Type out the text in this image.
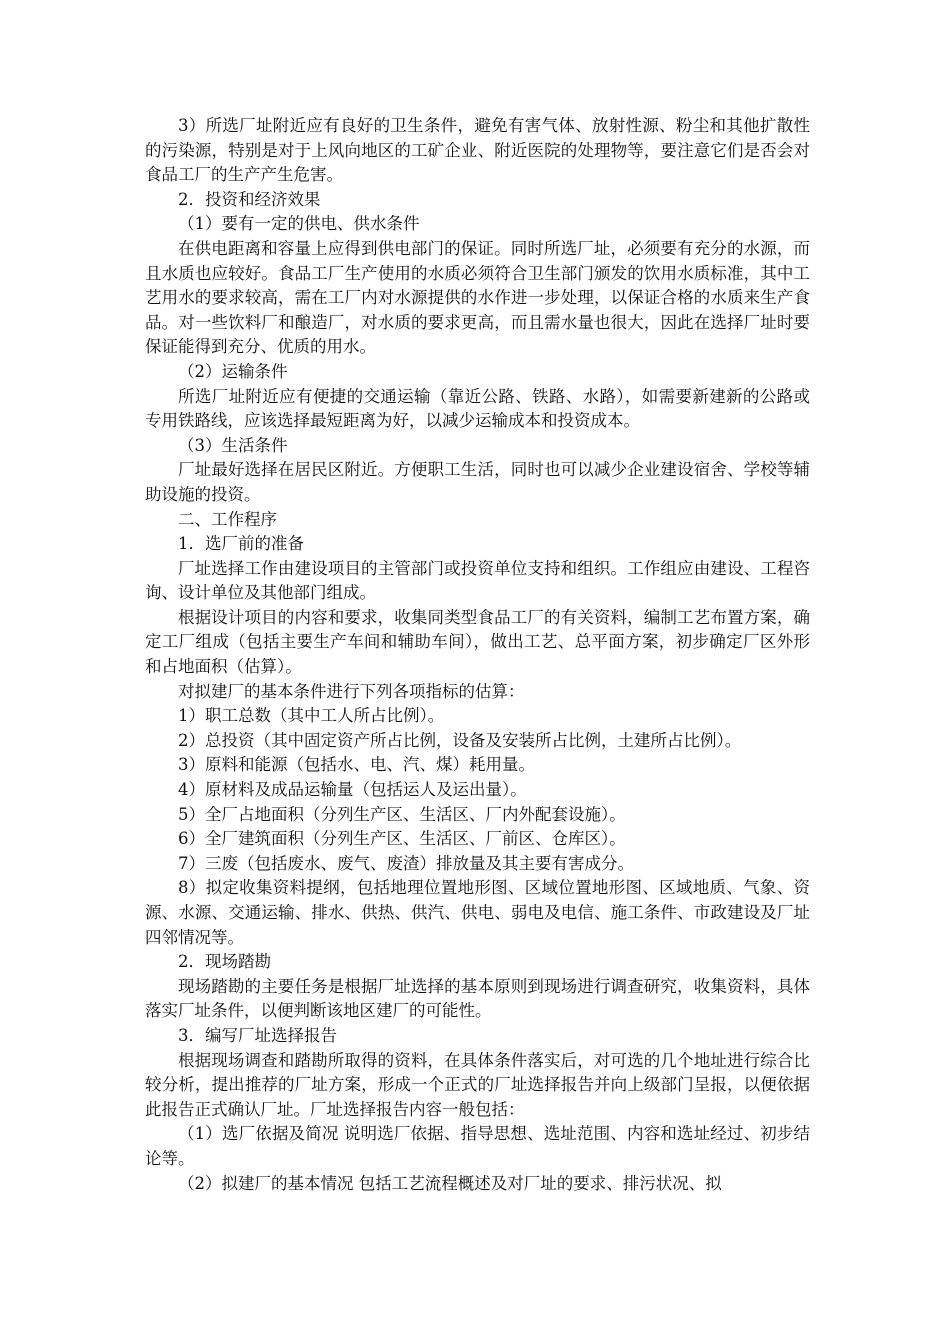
3）所选厂址附近应有良好的卫生条件，避免有害气体、放射性源、粉尘和其他扩散性的污染源，特别是对于上风向地区的工矿企业、附近医院的处理物等，要注意它们是否会对食品工厂的生产产生危害。

2．投资和经济效果

（1）要有一定的供电、供水条件

在供电距离和容量上应得到供电部门的保证。同时所选厂址，必须要有充分的水源，而且水质也应较好。食品工厂生产使用的水质必须符合卫生部门颁发的饮用水质标准，其中工艺用水的要求较高，需在工厂内对水源提供的水作进一步处理，以保证合格的水质来生产食品。对一些饮料厂和酿造厂，对水质的要求更高，而且需水量也很大，因此在选择厂址时要保证能得到充分、优质的用水。

（2）运输条件

所选厂址附近应有便捷的交通运输（靠近公路、铁路、水路），如需要新建新的公路或专用铁路线，应该选择最短距离为好，以减少运输成本和投资成本。

（3）生活条件

厂址最好选择在居民区附近。方便职工生活，同时也可以减少企业建设宿舍、学校等辅助设施的投资。

二、工作程序

1．选厂前的准备

厂址选择工作由建设项目的主管部门或投资单位支持和组织。工作组应由建设、工程咨询、设计单位及其他部门组成。

根据设计项目的内容和要求，收集同类型食品工厂的有关资料，编制工艺布置方案，确定工厂组成（包括主要生产车间和辅助车间），做出工艺、总平面方案，初步确定厂区外形和占地面积（估算）。

对拟建厂的基本条件进行下列各项指标的估算：

1）职工总数（其中工人所占比例）。

2）总投资（其中固定资产所占比例，设备及安装所占比例，土建所占比例）。

3）原料和能源（包括水、电、汽、煤）耗用量。

4）原材料及成品运输量（包括运人及运出量）。

5）全厂占地面积（分列生产区、生活区、厂内外配套设施）。

6）全厂建筑面积（分列生产区、生活区、厂前区、仓库区）。

7）三废（包括废水、废气、废渣）排放量及其主要有害成分。

8）拟定收集资料提纲，包括地理位置地形图、区域位置地形图、区域地质、气象、资源、水源、交通运输、排水、供热、供汽、供电、弱电及电信、施工条件、市政建设及厂址四邻情况等。

2．现场踏勘

现场踏勘的主要任务是根据厂址选择的基本原则到现场进行调查研究，收集资料，具体落实厂址条件，以便判断该地区建厂的可能性。

3．编写厂址选择报告

根据现场调查和踏勘所取得的资料，在具体条件落实后，对可选的几个地址进行综合比较分析，提出推荐的厂址方案，形成一个正式的厂址选择报告并向上级部门呈报，以便依据此报告正式确认厂址。厂址选择报告内容一般包括：

（1）选厂依据及简况 说明选厂依据、指导思想、选址范围、内容和选址经过、初步结论等。

（2）拟建厂的基本情况 包括工艺流程概述及对厂址的要求、排污状况、拟
